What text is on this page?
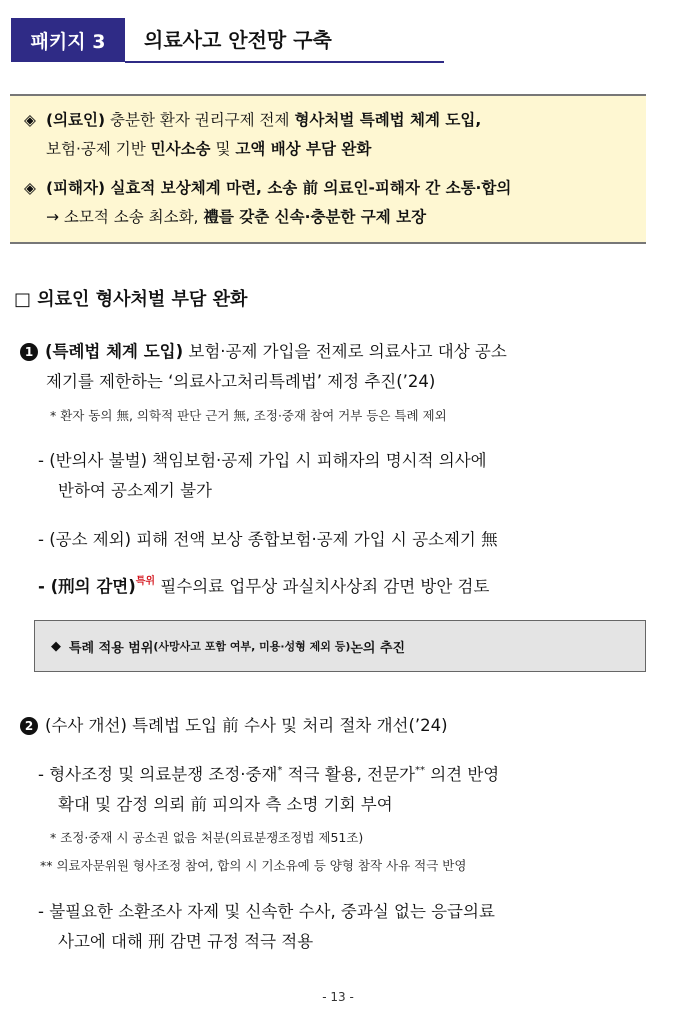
패키지 3	의료사고 안전망 구축
◈ (의료인) 충분한 환자 권리구제 전제 형사처벌 특례법 체계 도입,
보험·공제 기반 민사소송 및 고액 배상 부담 완화
◈ (피해자) 실효적 보상체계 마련, 소송 前 의료인-피해자 간 소통·합의
→ 소모적 소송 최소화, 禮를 갖춘 신속·충분한 구제 보장
□ 의료인 형사처벌 부담 완화
1 (특례법 체계 도입) 보험·공제 가입을 전제로 의료사고 대상 공소
제기를 제한하는 ‘의료사고처리특례법’ 제정 추진(’24)
* 환자 동의 無, 의학적 판단 근거 無, 조정·중재 참여 거부 등은 특례 제외
- (반의사 불벌) 책임보험·공제 가입 시 피해자의 명시적 의사에
반하여 공소제기 불가
- (공소 제외) 피해 전액 보상 종합보험·공제 가입 시 공소제기 無
- (刑의 감면)$^{특위}$ 필수의료 업무상 과실치사상죄 감면 방안 검토
◆ 특례 적용 범위 (사망사고 포함 여부, 미용·성형 제외 등) 논의 추진
2 (수사 개선) 특례법 도입 前 수사 및 처리 절차 개선(’24)
- 형사조정 및 의료분쟁 조정·중재* 적극 활용, 전문가** 의견 반영
확대 및 감정 의뢰 前 피의자 측 소명 기회 부여
* 조정·중재 시 공소권 없음 처분(의료분쟁조정법 제51조)
** 의료자문위원 형사조정 참여, 합의 시 기소유예 등 양형 참작 사유 적극 반영
- 불필요한 소환조사 자제 및 신속한 수사, 중과실 없는 응급의료
사고에 대해 刑 감면 규정 적극 적용
- 13 -
